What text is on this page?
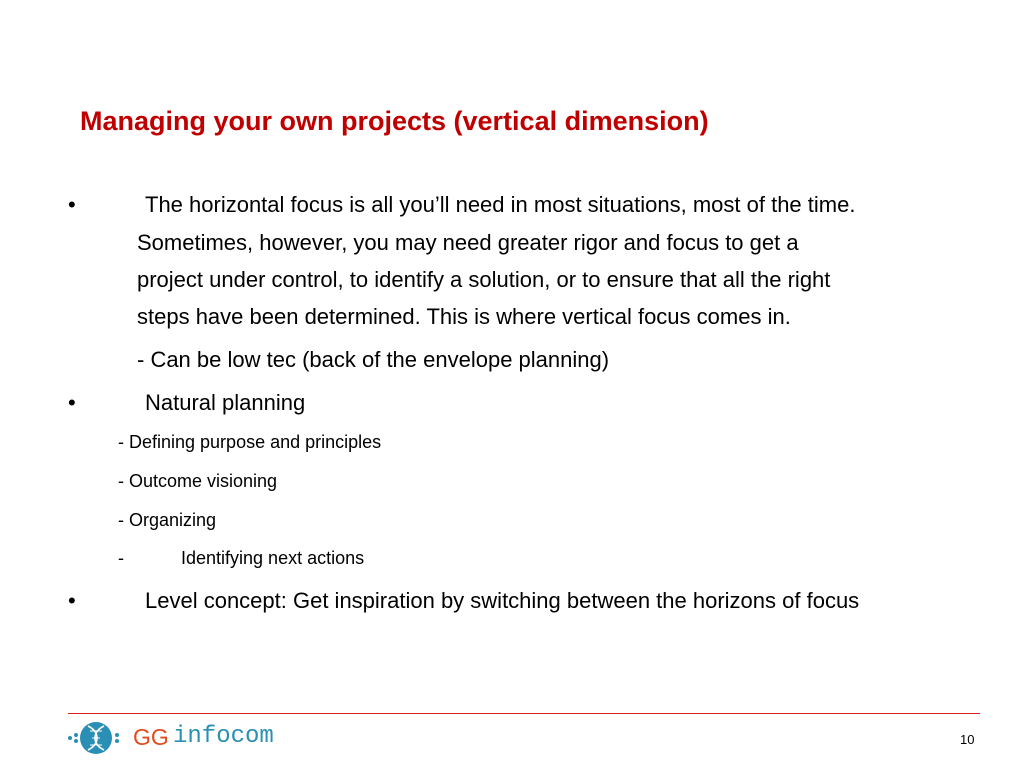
Managing your own projects (vertical dimension)
•	The horizontal focus is all you’ll need in most situations, most of the time.
Sometimes, however, you may need greater rigor and focus to get a
project under control, to identify a solution, or to ensure that all the right
steps have been determined. This is where vertical focus comes in.
- Can be low tec (back of the envelope planning)
•	Natural planning
- Defining purpose and principles
- Outcome visioning
- Organizing
-	Identifying next actions
•	Level concept: Get inspiration by switching between the horizons of focus
GG infocom	10
